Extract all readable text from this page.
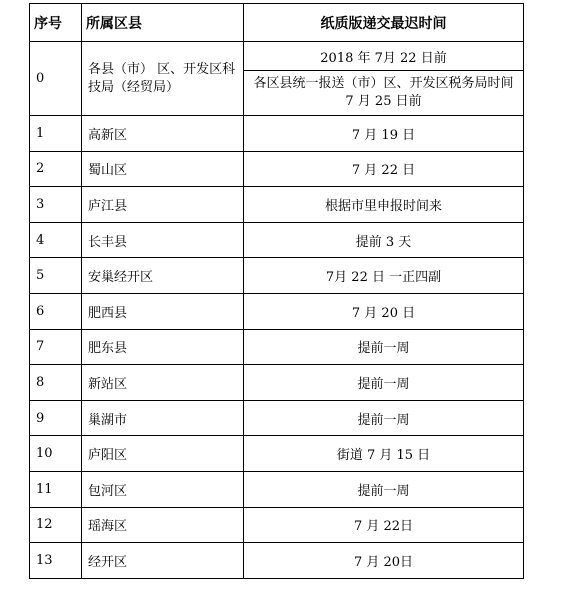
序号	所属区县	纸质版递交最迟时间
0	各县（市） 区、开发区科技局（经贸局）	2018 年 7月 22 日前
		各区县统一报送（市）区、开发区税务局时间 7 月 25 日前
1	高新区	7 月 19 日
2	蜀山区	7 月 22 日
3	庐江县	根据市里申报时间来
4	长丰县	提前 3 天
5	安巢经开区	7月 22 日 一正四副
6	肥西县	7 月 20 日
7	肥东县	提前一周
8	新站区	提前一周
9	巢湖市	提前一周
10	庐阳区	街道 7 月 15 日
11	包河区	提前一周
12	瑶海区	7 月 22日
13	经开区	7 月 20日
